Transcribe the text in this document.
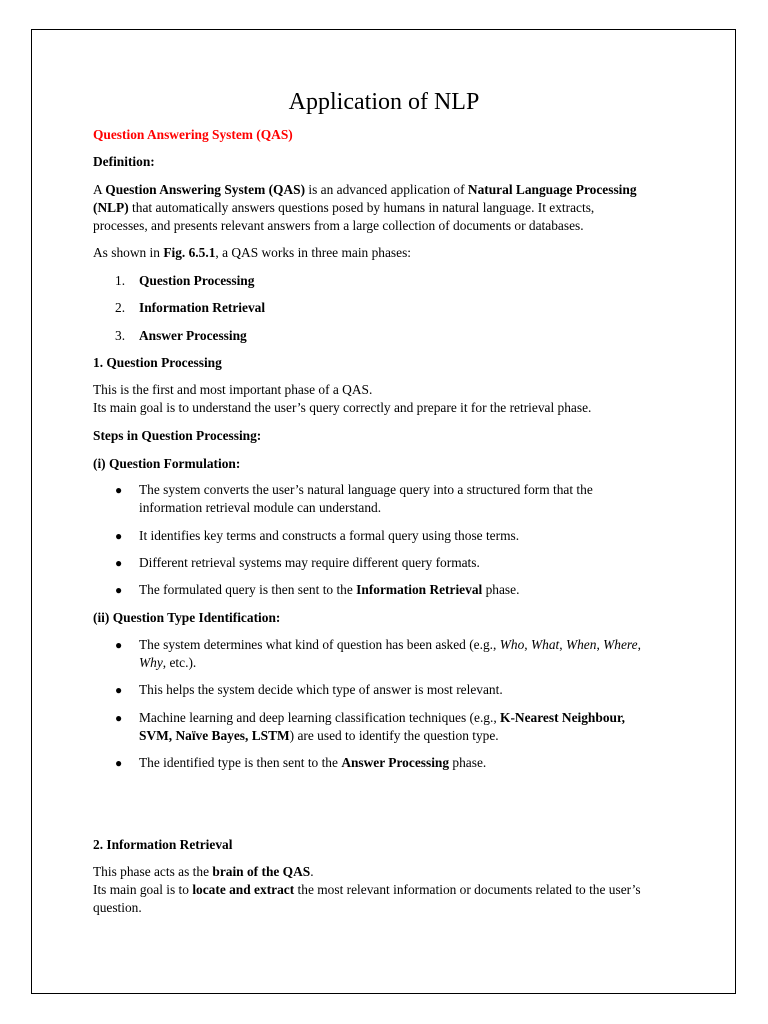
Application of NLP

Question Answering System (QAS)

Definition:

A Question Answering System (QAS) is an advanced application of Natural Language Processing
(NLP) that automatically answers questions posed by humans in natural language. It extracts,
processes, and presents relevant answers from a large collection of documents or databases.

As shown in Fig. 6.5.1, a QAS works in three main phases:

1. Question Processing
2. Information Retrieval
3. Answer Processing

1. Question Processing

This is the first and most important phase of a QAS.
Its main goal is to understand the user’s query correctly and prepare it for the retrieval phase.

Steps in Question Processing:

(i) Question Formulation:

● The system converts the user’s natural language query into a structured form that the
information retrieval module can understand.
● It identifies key terms and constructs a formal query using those terms.
● Different retrieval systems may require different query formats.
● The formulated query is then sent to the Information Retrieval phase.

(ii) Question Type Identification:

● The system determines what kind of question has been asked (e.g., Who, What, When, Where,
Why, etc.).
● This helps the system decide which type of answer is most relevant.
● Machine learning and deep learning classification techniques (e.g., K-Nearest Neighbour,
SVM, Naïve Bayes, LSTM) are used to identify the question type.
● The identified type is then sent to the Answer Processing phase.

2. Information Retrieval

This phase acts as the brain of the QAS.
Its main goal is to locate and extract the most relevant information or documents related to the user’s
question.
